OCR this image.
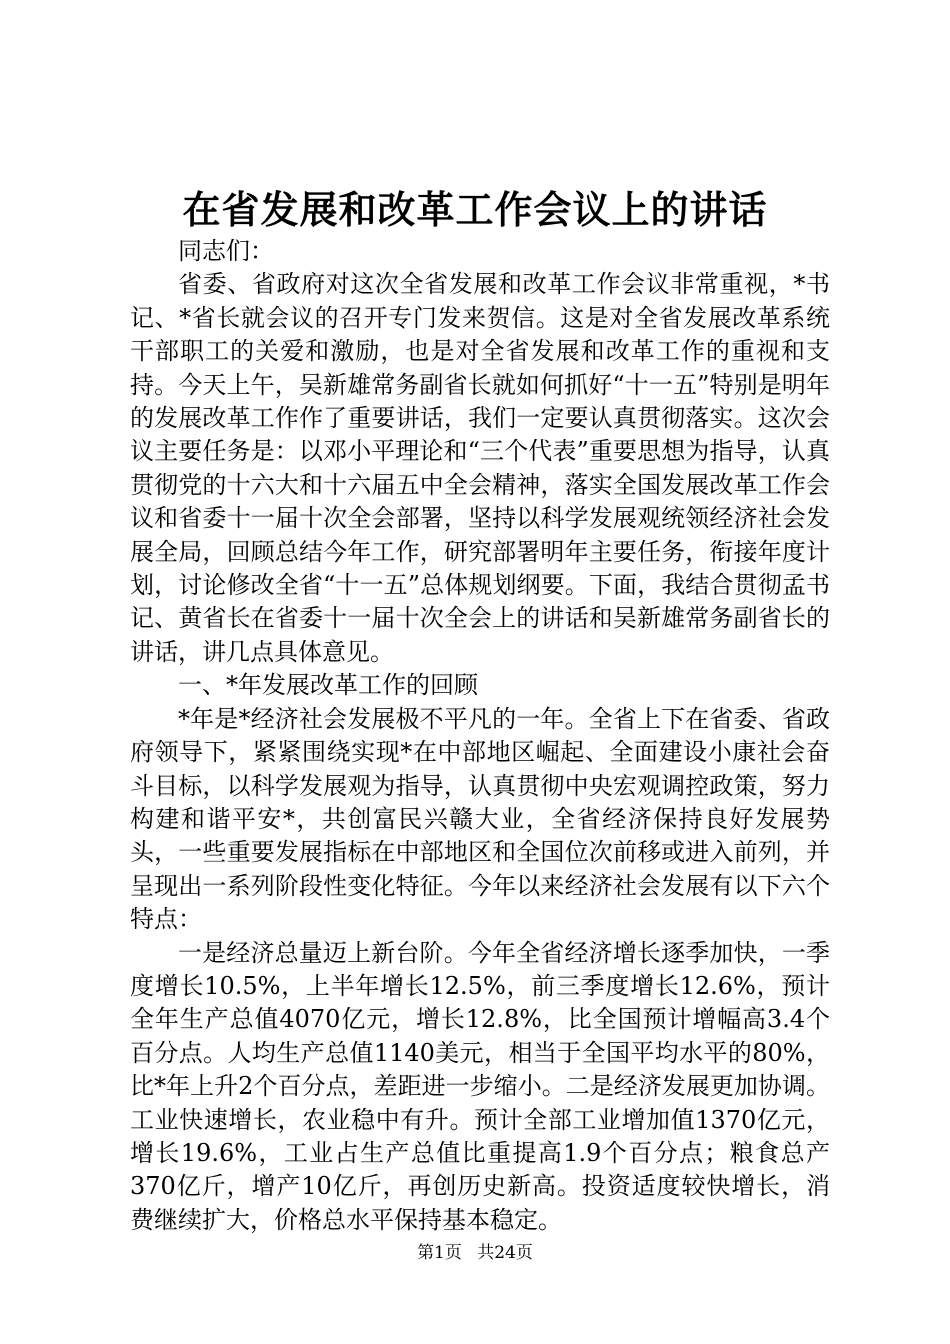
在省发展和改革工作会议上的讲话

同志们：

省委、省政府对这次全省发展和改革工作会议非常重视，*书记、*省长就会议的召开专门发来贺信。这是对全省发展改革系统干部职工的关爱和激励，也是对全省发展和改革工作的重视和支持。今天上午，吴新雄常务副省长就如何抓好“十一五”特别是明年的发展改革工作作了重要讲话，我们一定要认真贯彻落实。这次会议主要任务是：以邓小平理论和“三个代表”重要思想为指导，认真贯彻党的十六大和十六届五中全会精神，落实全国发展改革工作会议和省委十一届十次全会部署，坚持以科学发展观统领经济社会发展全局，回顾总结今年工作，研究部署明年主要任务，衔接年度计划，讨论修改全省“十一五”总体规划纲要。下面，我结合贯彻孟书记、黄省长在省委十一届十次全会上的讲话和吴新雄常务副省长的讲话，讲几点具体意见。

一、*年发展改革工作的回顾

*年是*经济社会发展极不平凡的一年。全省上下在省委、省政府领导下，紧紧围绕实现*在中部地区崛起、全面建设小康社会奋斗目标，以科学发展观为指导，认真贯彻中央宏观调控政策，努力构建和谐平安*，共创富民兴赣大业，全省经济保持良好发展势头，一些重要发展指标在中部地区和全国位次前移或进入前列，并呈现出一系列阶段性变化特征。今年以来经济社会发展有以下六个特点：

一是经济总量迈上新台阶。今年全省经济增长逐季加快，一季度增长10.5%，上半年增长12.5%，前三季度增长12.6%，预计全年生产总值4070亿元，增长12.8%，比全国预计增幅高3.4个百分点。人均生产总值1140美元，相当于全国平均水平的80%，比*年上升2个百分点，差距进一步缩小。二是经济发展更加协调。工业快速增长，农业稳中有升。预计全部工业增加值1370亿元，增长19.6%，工业占生产总值比重提高1.9个百分点；粮食总产370亿斤，增产10亿斤，再创历史新高。投资适度较快增长，消费继续扩大，价格总水平保持基本稳定。

第1页 共24页
